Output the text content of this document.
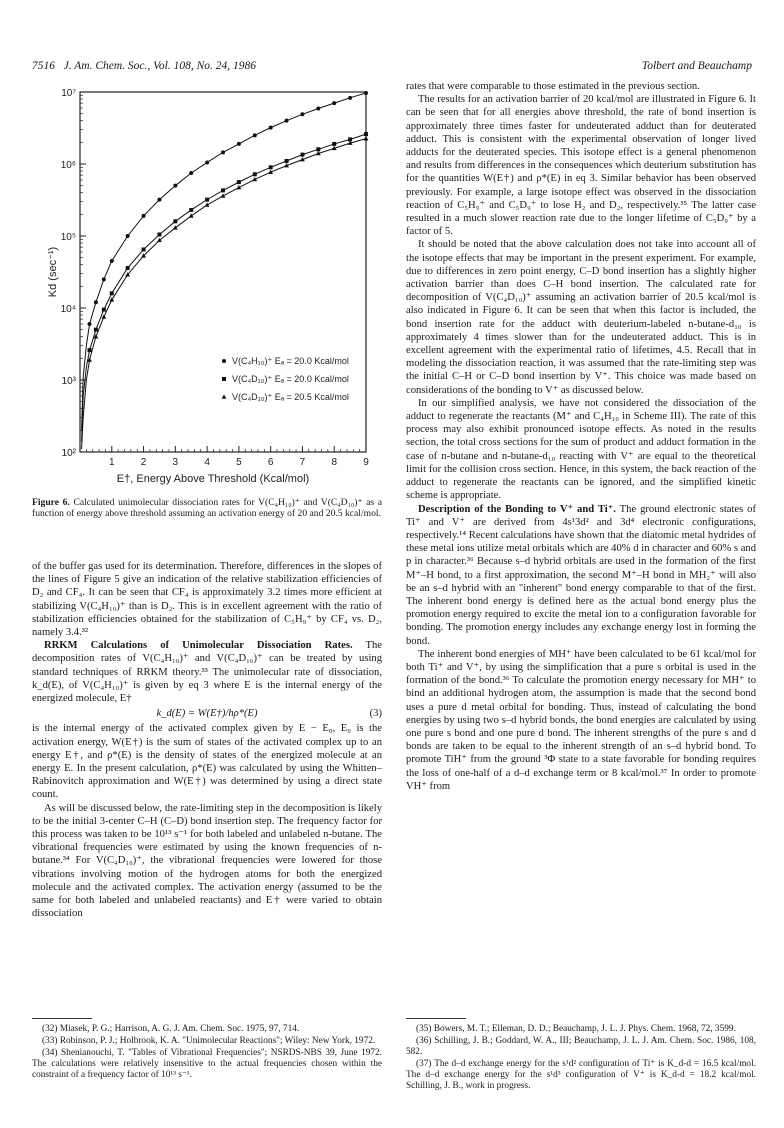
7516 J. Am. Chem. Soc., Vol. 108, No. 24, 1986	Tolbert and Beauchamp
10²
10³
10⁴
10⁵
10⁶
10⁷
1	2	3	4	5	6	7	8	9
E†, Energy Above Threshold (Kcal/mol)
Kd (sec⁻¹)
V(C₄H₁₀)⁺ Eₐ = 20.0 Kcal/mol
V(C₄D₁₀)⁺ Eₐ = 20.0 Kcal/mol
V(C₄D₁₀)⁺ Eₐ = 20.5 Kcal/mol
Figure 6. Calculated unimolecular dissociation rates for V(C₄H₁₀)⁺ and V(C₄D₁₀)⁺ as a function of energy above threshold assuming an activation energy of 20 and 20.5 kcal/mol.

of the buffer gas used for its determination. Therefore, differences in the slopes of the lines of Figure 5 give an indication of the relative stabilization efficiencies of D₂ and CF₄. It can be seen that CF₄ is approximately 3.2 times more efficient at stabilizing V(C₄H₁₀)⁺ than is D₂. This is in excellent agreement with the ratio of stabilization efficiencies obtained for the stabilization of C₅H₉⁺ by CF₄ vs. D₂, namely 3.4.³²

RRKM Calculations of Unimolecular Dissociation Rates. The decomposition rates of V(C₄H₁₀)⁺ and V(C₄D₁₀)⁺ can be treated by using standard techniques of RRKM theory.³³ The unimolecular rate of dissociation, k_d(E), of V(C₄H₁₀)⁺ is given by eq 3 where E is the internal energy of the energized molecule, E†

k_d(E) = W(E†)/hρ*(E)	(3)

is the internal energy of the activated complex given by E − E₀, E₀ is the activation energy, W(E†) is the sum of states of the activated complex up to an energy E†, and ρ*(E) is the density of states of the energized molecule at an energy E. In the present calculation, ρ*(E) was calculated by using the Whitten–Rabinovitch approximation and W(E†) was determined by using a direct state count.

As will be discussed below, the rate-limiting step in the decomposition is likely to be the initial 3-center C–H (C–D) bond insertion step. The frequency factor for this process was taken to be 10¹³ s⁻¹ for both labeled and unlabeled n-butane. The vibrational frequencies were estimated by using the known frequencies of n-butane.³⁴ For V(C₄D₁₀)⁺, the vibrational frequencies were lowered for those vibrations involving motion of the hydrogen atoms for both the energized molecule and the activated complex. The activation energy (assumed to be the same for both labeled and unlabeled reactants) and E† were varied to obtain dissociation

rates that were comparable to those estimated in the previous section.

The results for an activation barrier of 20 kcal/mol are illustrated in Figure 6. It can be seen that for all energies above threshold, the rate of bond insertion is approximately three times faster for undeuterated adduct than for deuterated adduct. This is consistent with the experimental observation of longer lived adducts for the deuterated species. This isotope effect is a general phenomenon and results from differences in the consequences which deuterium substitution has for the quantities W(E†) and ρ*(E) in eq 3. Similar behavior has been observed previously. For example, a large isotope effect was observed in the dissociation reaction of C₅H₉⁺ and C₅D₉⁺ to lose H₂ and D₂, respectively.³⁵ The latter case resulted in a much slower reaction rate due to the longer lifetime of C₅D₉⁺ by a factor of 5.

It should be noted that the above calculation does not take into account all of the isotope effects that may be important in the present experiment. For example, due to differences in zero point energy, C–D bond insertion has a slightly higher activation barrier than does C–H bond insertion. The calculated rate for decomposition of V(C₄D₁₀)⁺ assuming an activation barrier of 20.5 kcal/mol is also indicated in Figure 6. It can be seen that when this factor is included, the bond insertion rate for the adduct with deuterium-labeled n-butane-d₁₀ is approximately 4 times slower than for the undeuterated adduct. This is in excellent agreement with the experimental ratio of lifetimes, 4.5. Recall that in modeling the dissociation reaction, it was assumed that the rate-limiting step was the initial C–H or C–D bond insertion by V⁺. This choice was made based on considerations of the bonding to V⁺ as discussed below.

In our simplified analysis, we have not considered the dissociation of the adduct to regenerate the reactants (M⁺ and C₄H₁₀ in Scheme III). The rate of this process may also exhibit pronounced isotope effects. As noted in the results section, the total cross sections for the sum of product and adduct formation in the case of n-butane and n-butane-d₁₀ reacting with V⁺ are equal to the theoretical limit for the collision cross section. Hence, in this system, the back reaction of the adduct to regenerate the reactants can be ignored, and the simplified kinetic scheme is appropriate.

Description of the Bonding to V⁺ and Ti⁺. The ground electronic states of Ti⁺ and V⁺ are derived from 4s¹3d² and 3d⁴ electronic configurations, respectively.¹⁴ Recent calculations have shown that the diatomic metal hydrides of these metal ions utilize metal orbitals which are 40% d in character and 60% s and p in character.³⁶ Because s–d hybrid orbitals are used in the formation of the first M⁺–H bond, to a first approximation, the second M⁺–H bond in MH₂⁺ will also be an s–d hybrid with an "inherent" bond energy comparable to that of the first. The inherent bond energy is defined here as the actual bond energy plus the promotion energy required to excite the metal ion to a configuration favorable for bonding. The promotion energy includes any exchange energy lost in forming the bond.

The inherent bond energies of MH⁺ have been calculated to be 61 kcal/mol for both Ti⁺ and V⁺, by using the simplification that a pure s orbital is used in the formation of the bond.³⁶ To calculate the promotion energy necessary for MH⁺ to bind an additional hydrogen atom, the assumption is made that the second bond uses a pure d metal orbital for bonding. Thus, instead of calculating the bond energies by using two s–d hybrid bonds, the bond energies are calculated by using one pure s bond and one pure d bond. The inherent strengths of the pure s and d bonds are taken to be equal to the inherent strength of an s–d hybrid bond. To promote TiH⁺ from the ground ³Φ state to a state favorable for bonding requires the loss of one-half of a d–d exchange term or 8 kcal/mol.³⁷ In order to promote VH⁺ from

(32) Miasek, P. G.; Harrison, A. G. J. Am. Chem. Soc. 1975, 97, 714.

(33) Robinson, P. J.; Holbrook, K. A. "Unimolecular Reactions"; Wiley: New York, 1972.

(34) Shenianouchi, T. "Tables of Vibrational Frequencies"; NSRDS-NBS 39, June 1972. The calculations were relatively insensitive to the actual frequencies chosen within the constraint of a frequency factor of 10¹³ s⁻¹.

(35) Bowers, M. T.; Elleman, D. D.; Beauchamp, J. L. J. Phys. Chem. 1968, 72, 3599.

(36) Schilling, J. B.; Goddard, W. A., III; Beauchamp, J. L. J. Am. Chem. Soc. 1986, 108, 582.

(37) The d–d exchange energy for the s¹d² configuration of Ti⁺ is K_d-d = 16.5 kcal/mol. The d–d exchange energy for the s¹d³ configuration of V⁺ is K_d-d = 18.2 kcal/mol. Schilling, J. B., work in progress.
